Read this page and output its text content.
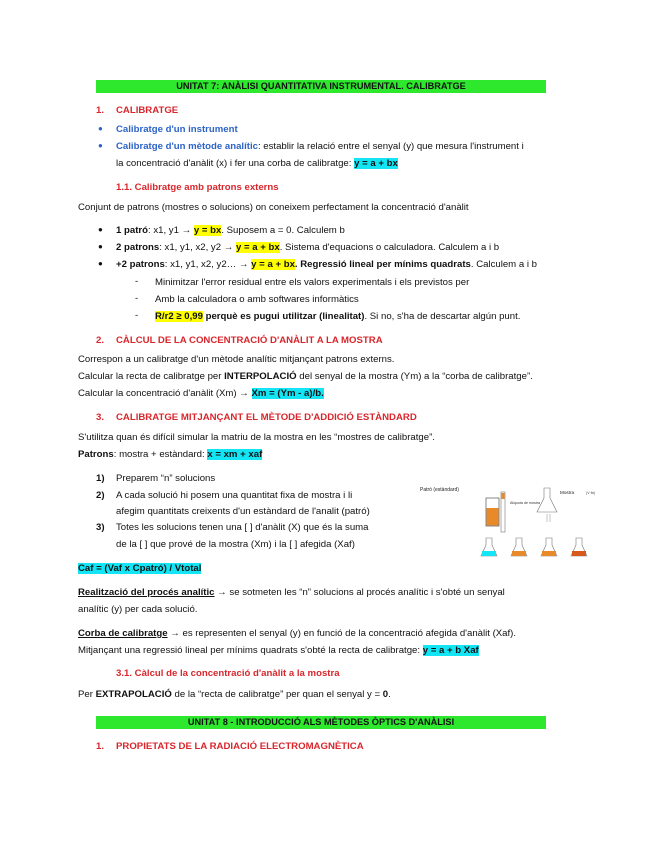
UNITAT 7: ANÀLISI QUANTITATIVA INSTRUMENTAL. CALIBRATGE
1. CALIBRATGE
● Calibratge d'un instrument
● Calibratge d'un mètode analític: establir la relació entre el senyal (y) que mesura l'instrument i
la concentració d'anàlit (x) i fer una corba de calibratge: y = a + bx
1.1. Calibratge amb patrons externs
Conjunt de patrons (mostres o solucions) on coneixem perfectament la concentració d'anàlit
● 1 patró: x1, y1 → y = bx. Suposem a = 0. Calculem b
● 2 patrons: x1, y1, x2, y2 → y = a + bx. Sistema d'equacions o calculadora. Calculem a i b
● +2 patrons: x1, y1, x2, y2… → y = a + bx. Regressió lineal per mínims quadrats. Calculem a i b
- Minimitzar l'error residual entre els valors experimentals i els previstos per
- Amb la calculadora o amb softwares informàtics
- R/r2 ≥ 0,99 perquè es pugui utilitzar (linealitat). Si no, s'ha de descartar algún punt.
2. CÀLCUL DE LA CONCENTRACIÓ D'ANÀLIT A LA MOSTRA
Correspon a un calibratge d'un mètode analític mitjançant patrons externs.
Calcular la recta de calibratge per INTERPOLACIÓ del senyal de la mostra (Ym) a la “corba de calibratge”.
Calcular la concentració d'anàlit (Xm) → Xm = (Ym - a)/b.
3. CALIBRATGE MITJANÇANT EL MÈTODE D'ADDICIÓ ESTÀNDARD
S'utilitza quan és difícil simular la matriu de la mostra en les “mostres de calibratge”.
Patrons: mostra + estàndard: x = xm + xaf
1) Preparem “n” solucions
2) A cada solució hi posem una quantitat fixa de mostra i li
afegim quantitats creixents d'un estàndard de l'analit (patró)
3) Totes les solucions tenen una [ ] d'anàlit (X) que és la suma
de la [ ] que prové de la mostra (Xm) i la [ ] afegida (Xaf)
Patró (estàndard)
Aliquota de mostra
Mostra	(V fix)
Caf = (Vaf x Cpatró) / Vtotal
Realització del procés analític → se sotmeten les “n” solucions al procés analític i s'obté un senyal
analític (y) per cada solució.
Corba de calibratge → es representen el senyal (y) en funció de la concentració afegida d'anàlit (Xaf).
Mitjançant una regressió lineal per mínims quadrats s'obté la recta de calibratge: y = a + b Xaf
3.1. Càlcul de la concentració d'anàlit a la mostra
Per EXTRAPOLACIÓ de la “recta de calibratge” per quan el senyal y = 0.
UNITAT 8 - INTRODUCCIÓ ALS MÈTODES ÒPTICS D'ANÀLISI
1. PROPIETATS DE LA RADIACIÓ ELECTROMAGNÈTICA
